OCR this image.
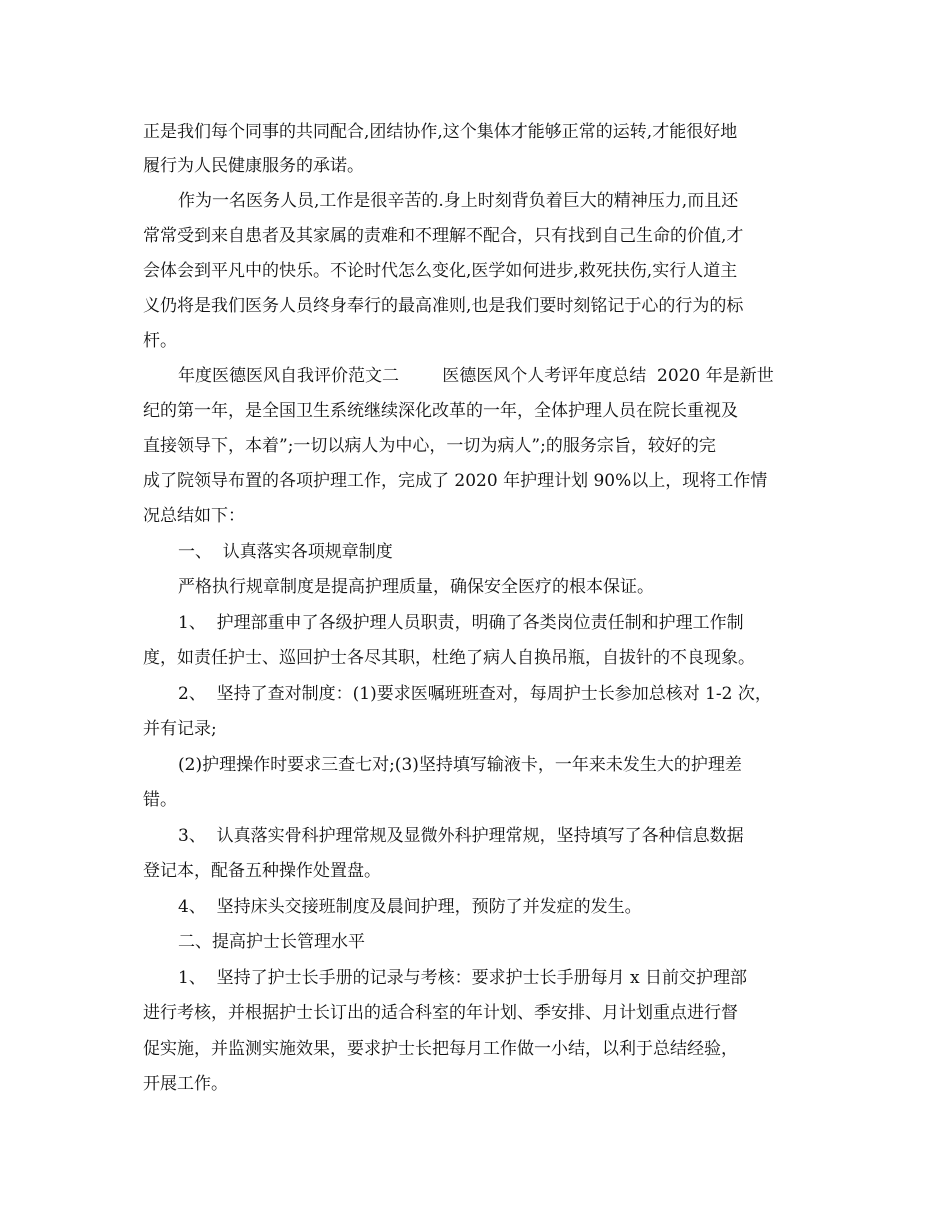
正是我们每个同事的共同配合,团结协作,这个集体才能够正常的运转,才能很好地
履行为人民健康服务的承诺。
作为一名医务人员,工作是很辛苦的.身上时刻背负着巨大的精神压力,而且还
常常受到来自患者及其家属的责难和不理解不配合，只有找到自己生命的价值,才
会体会到平凡中的快乐。不论时代怎么变化,医学如何进步,救死扶伤,实行人道主
义仍将是我们医务人员终身奉行的最高准则,也是我们要时刻铭记于心的行为的标
杆。
年度医德医风自我评价范文二        医德医风个人考评年度总结  2020 年是新世
纪的第一年，是全国卫生系统继续深化改革的一年，全体护理人员在院长重视及
直接领导下，本着”;一切以病人为中心，一切为病人”;的服务宗旨，较好的完
成了院领导布置的各项护理工作，完成了 2020 年护理计划 90%以上，现将工作情
况总结如下：
一、  认真落实各项规章制度
严格执行规章制度是提高护理质量，确保安全医疗的根本保证。
1、  护理部重申了各级护理人员职责，明确了各类岗位责任制和护理工作制
度，如责任护士、巡回护士各尽其职，杜绝了病人自换吊瓶，自拔针的不良现象。
2、  坚持了查对制度：(1)要求医嘱班班查对，每周护士长参加总核对 1-2 次，
并有记录;
(2)护理操作时要求三查七对;(3)坚持填写输液卡，一年来未发生大的护理差
错。
3、  认真落实骨科护理常规及显微外科护理常规，坚持填写了各种信息数据
登记本，配备五种操作处置盘。
4、  坚持床头交接班制度及晨间护理，预防了并发症的发生。
二、提高护士长管理水平
1、  坚持了护士长手册的记录与考核：要求护士长手册每月 x 日前交护理部
进行考核，并根据护士长订出的适合科室的年计划、季安排、月计划重点进行督
促实施，并监测实施效果，要求护士长把每月工作做一小结，以利于总结经验，
开展工作。
